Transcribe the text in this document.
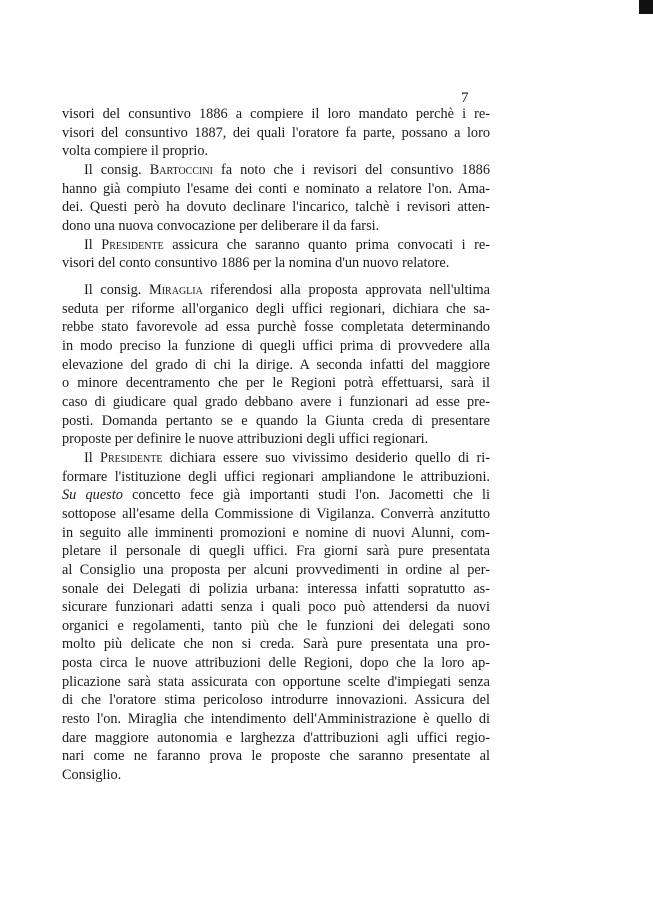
7

visori del consuntivo 1886 a compiere il loro mandato perchè i re-

visori del consuntivo 1887, dei quali l'oratore fa parte, possano a loro

volta compiere il proprio.

Il consig. Bartoccini fa noto che i revisori del consuntivo 1886

hanno già compiuto l'esame dei conti e nominato a relatore l'on. Ama-

dei. Questi però ha dovuto declinare l'incarico, talchè i revisori atten-

dono una nuova convocazione per deliberare il da farsi.

Il Presidente assicura che saranno quanto prima convocati i re-

visori del conto consuntivo 1886 per la nomina d'un nuovo relatore.

Il consig. Miraglia riferendosi alla proposta approvata nell'ultima

seduta per riforme all'organico degli uffici regionari, dichiara che sa-

rebbe stato favorevole ad essa purchè fosse completata determinando

in modo preciso la funzione di quegli uffici prima di provvedere alla

elevazione del grado di chi la dirige. A seconda infatti del maggiore

o minore decentramento che per le Regioni potrà effettuarsi, sarà il

caso di giudicare qual grado debbano avere i funzionari ad esse pre-

posti. Domanda pertanto se e quando la Giunta creda di presentare

proposte per definire le nuove attribuzioni degli uffici regionari.

Il Presidente dichiara essere suo vivissimo desiderio quello di ri-

formare l'istituzione degli uffici regionari ampliandone le attribuzioni.

Su questo concetto fece già importanti studi l'on. Jacometti che li

sottopose all'esame della Commissione di Vigilanza. Converrà anzitutto

in seguito alle imminenti promozioni e nomine di nuovi Alunni, com-

pletare il personale di quegli uffici. Fra giorni sarà pure presentata

al Consiglio una proposta per alcuni provvedimenti in ordine al per-

sonale dei Delegati di polizia urbana: interessa infatti sopratutto as-

sicurare funzionari adatti senza i quali poco può attendersi da nuovi

organici e regolamenti, tanto più che le funzioni dei delegati sono

molto più delicate che non si creda. Sarà pure presentata una pro-

posta circa le nuove attribuzioni delle Regioni, dopo che la loro ap-

plicazione sarà stata assicurata con opportune scelte d'impiegati senza

di che l'oratore stima pericoloso introdurre innovazioni. Assicura del

resto l'on. Miraglia che intendimento dell'Amministrazione è quello di

dare maggiore autonomia e larghezza d'attribuzioni agli uffici regio-

nari come ne faranno prova le proposte che saranno presentate al

Consiglio.
